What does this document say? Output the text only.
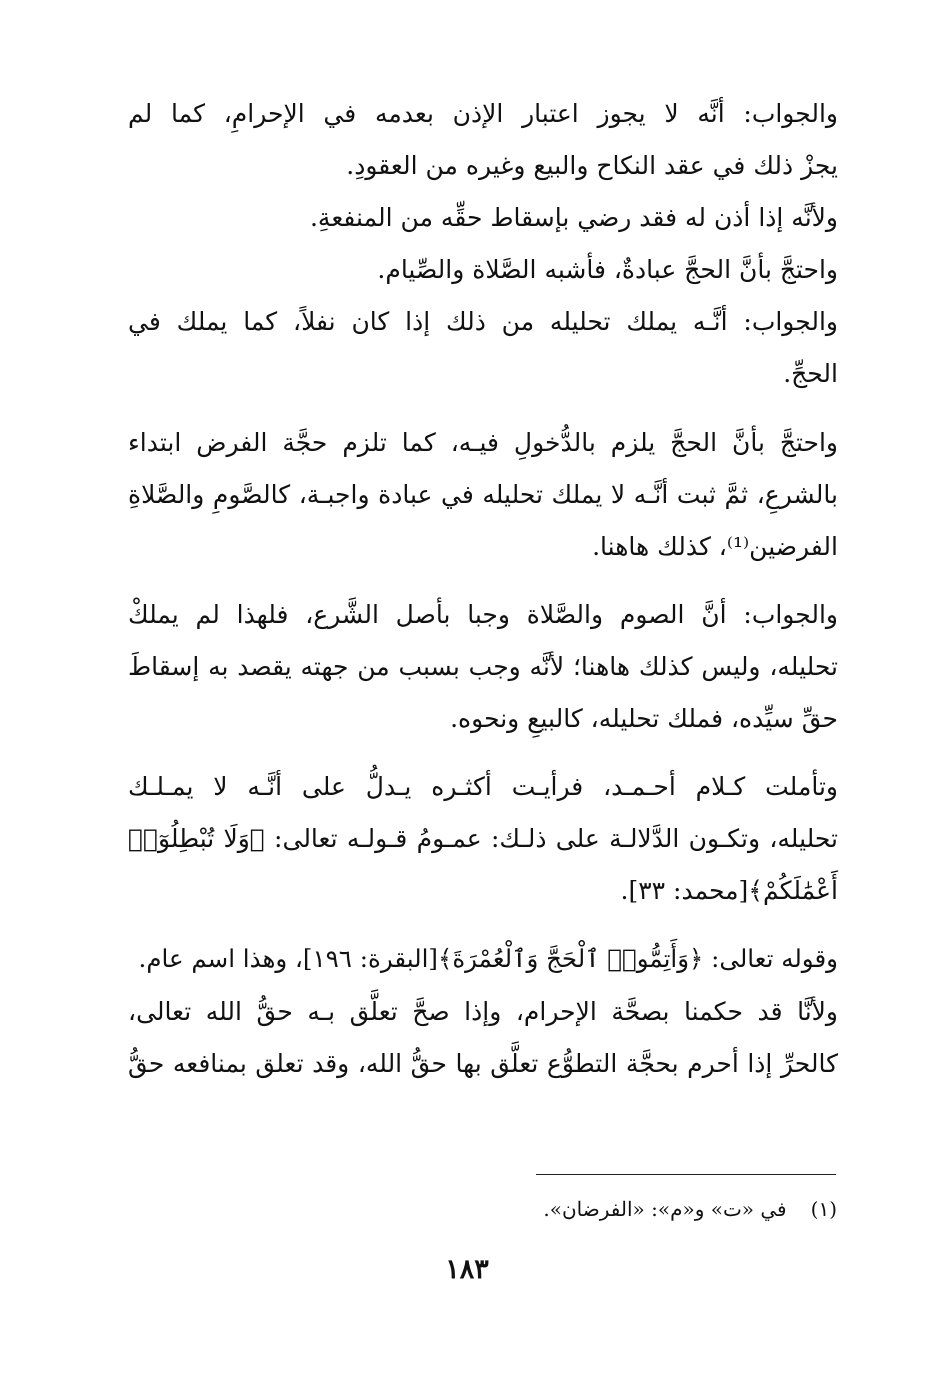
والجواب: أنَّه لا يجوز اعتبار الإذن بعدمه في الإحرامِ، كما لم
يجزْ ذلك في عقد النكاح والبيع وغيره من العقودِ.
ولأنَّه إذا أذن له فقد رضي بإسقاط حقِّه من المنفعةِ.
واحتجَّ بأنَّ الحجَّ عبادةٌ، فأشبه الصَّلاة والصِّيام.
والجواب: أنَّـه يملك تحليله من ذلك إذا كان نفلاً، كما يملك في
الحجِّ.
واحتجَّ بأنَّ الحجَّ يلزم بالدُّخولِ فيـه، كما تلزم حجَّة الفرض ابتداء
بالشرعِ، ثمَّ ثبت أنَّـه لا يملك تحليله في عبادة واجبـة، كالصَّومِ والصَّلاةِ
الفرضين⁽¹⁾، كذلك هاهنا.
والجواب: أنَّ الصوم والصَّلاة وجبا بأصل الشَّرع، فلهذا لم يملكْ
تحليله، وليس كذلك هاهنا؛ لأنَّه وجب بسبب من جهته يقصد به إسقاطَ
حقِّ سيِّده، فملك تحليله، كالبيعِ ونحوه.
وتأملت كـلام أحـمـد، فرأيـت أكثـره يـدلُّ على أنَّـه لا يمـلـك
تحليله، وتكـون الدَّلالـة على ذلـك: عمـومُ قـولـه تعالى: ﴿وَلَا تُبْطِلُوٓا۟
أَعْمَٰلَكُمْ﴾[محمد: ٣٣].
وقوله تعالى: ﴿وَأَتِمُّوا۟ ٱلْحَجَّ وَٱلْعُمْرَةَ﴾[البقرة: ١٩٦]، وهذا اسم عام.
ولأنَّا قد حكمنا بصحَّة الإحرام، وإذا صحَّ تعلَّق بـه حقُّ الله تعالى،
كالحرِّ إذا أحرم بحجَّة التطوُّع تعلَّق بها حقُّ الله، وقد تعلق بمنافعه حقُّ
(١)في «ت» و«م»: «الفرضان».
١٨٣
